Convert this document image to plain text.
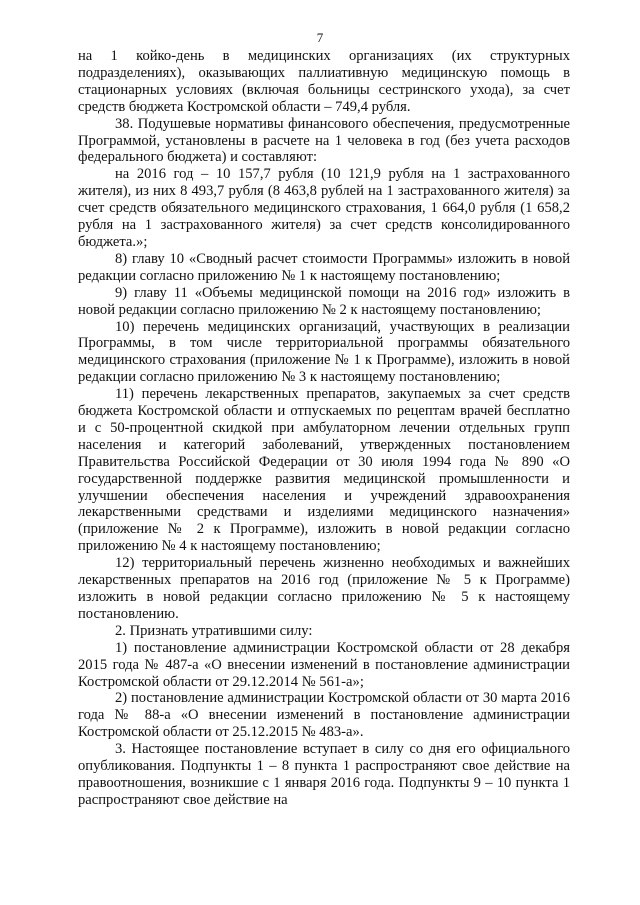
7

на 1 койко-день в медицинских организациях (их структурных подразделениях), оказывающих паллиативную медицинскую помощь в стационарных условиях (включая больницы сестринского ухода), за счет средств бюджета Костромской области – 749,4 рубля.

38. Подушевые нормативы финансового обеспечения, предусмотренные Программой, установлены в расчете на 1 человека в год (без учета расходов федерального бюджета) и составляют:

на 2016 год – 10 157,7 рубля (10 121,9 рубля на 1 застрахованного жителя), из них 8 493,7 рубля (8 463,8 рублей на 1 застрахованного жителя) за счет средств обязательного медицинского страхования, 1 664,0 рубля (1 658,2 рубля на 1 застрахованного жителя) за счет средств консолидированного бюджета.»;

8) главу 10 «Сводный расчет стоимости Программы» изложить в новой редакции согласно приложению № 1 к настоящему постановлению;

9) главу 11 «Объемы медицинской помощи на 2016 год» изложить в новой редакции согласно приложению № 2 к настоящему постановлению;

10) перечень медицинских организаций, участвующих в реализации Программы, в том числе территориальной программы обязательного медицинского страхования (приложение № 1 к Программе), изложить в новой редакции согласно приложению № 3 к настоящему постановлению;

11) перечень лекарственных препаратов, закупаемых за счет средств бюджета Костромской области и отпускаемых по рецептам врачей бесплатно и с 50-процентной скидкой при амбулаторном лечении отдельных групп населения и категорий заболеваний, утвержденных постановлением Правительства Российской Федерации от 30 июля 1994 года № 890 «О государственной поддержке развития медицинской промышленности и улучшении обеспечения населения и учреждений здравоохранения лекарственными средствами и изделиями медицинского назначения» (приложение № 2 к Программе), изложить в новой редакции согласно приложению № 4 к настоящему постановлению;

12) территориальный перечень жизненно необходимых и важнейших лекарственных препаратов на 2016 год (приложение № 5 к Программе) изложить в новой редакции согласно приложению № 5 к настоящему постановлению.

2. Признать утратившими силу:

1) постановление администрации Костромской области от 28 декабря 2015 года № 487-а «О внесении изменений в постановление администрации Костромской области от 29.12.2014 № 561-а»;

2) постановление администрации Костромской области от 30 марта 2016 года № 88-а «О внесении изменений в постановление администрации Костромской области от 25.12.2015 № 483-а».

3. Настоящее постановление вступает в силу со дня его официального опубликования. Подпункты 1 – 8 пункта 1 распространяют свое действие на правоотношения, возникшие с 1 января 2016 года. Подпункты 9 – 10 пункта 1 распространяют свое действие на
